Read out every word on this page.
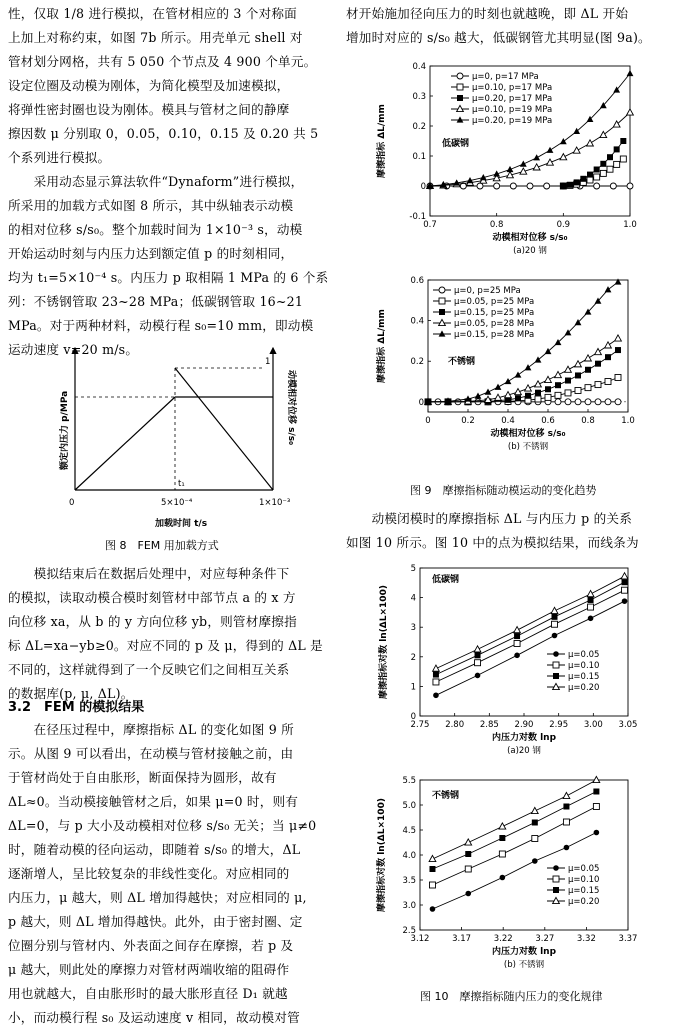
性，仅取 1/8 进行模拟，在管材相应的 3 个对称面
上加上对称约束，如图 7b 所示。用壳单元 shell 对
管材划分网格，共有 5 050 个节点及 4 900 个单元。
设定位圈及动模为刚体，为简化模型及加速模拟，
将弹性密封圈也设为刚体。模具与管材之间的静摩
擦因数 μ 分别取 0，0.05，0.10，0.15 及 0.20 共 5
个系列进行模拟。
　　采用动态显示算法软件“Dynaform”进行模拟，
所采用的加载方式如图 8 所示，其中纵轴表示动模
的相对位移 s/s₀。整个加载时间为 1×10⁻³ s，动模
开始运动时刻与内压力达到额定值 p 的时刻相同，
均为 t₁=5×10⁻⁴ s。内压力 p 取相隔 1 MPa 的 6 个系
列：不锈钢管取 23~28 MPa；低碳钢管取 16~21
MPa。对于两种材料，动模行程 s₀=10 mm，即动模
运动速度 v=20 m/s。
0	5×10⁻⁴	1×10⁻³
t₁
1
加载时间 t/s
额定内压力 p/MPa	动模相对位移 s/s₀
图 8　FEM 用加载方式
　　模拟结束后在数据后处理中，对应每种条件下
的模拟，读取动模合模时刻管材中部节点 a 的 x 方
向位移 xa，从 b 的 y 方向位移 yb，则管材摩擦指
标 ΔL=xa−yb≥0。对应不同的 p 及 μ，得到的 ΔL 是
不同的，这样就得到了一个反映它们之间相互关系
的数据库(p, μ, ΔL)。
3.2　FEM 的模拟结果
　　在径压过程中，摩擦指标 ΔL 的变化如图 9 所
示。从图 9 可以看出，在动模与管材接触之前，由
于管材尚处于自由胀形，断面保持为圆形，故有
ΔL≈0。当动模接触管材之后，如果 μ=0 时，则有
ΔL=0，与 p 大小及动模相对位移 s/s₀ 无关；当 μ≠0
时，随着动模的径向运动，即随着 s/s₀ 的增大，ΔL
逐渐增人，呈比较复杂的非线性变化。对应相同的
内压力，μ 越大，则 ΔL 增加得越快；对应相同的 μ,
p 越大，则 ΔL 增加得越快。此外，由于密封圈、定
位圈分别与管材内、外表面之间存在摩擦，若 p 及
μ 越大，则此处的摩擦力对管材两端收缩的阻碍作
用也就越大，自由胀形时的最大胀形直径 D₁ 就越
小，而动模行程 s₀ 及运动速度 v 相同，故动模对管
材开始施加径向压力的时刻也就越晚，即 ΔL 开始
增加时对应的 s/s₀ 越大，低碳钢管尤其明显(图 9a)。
0.7	0.8	0.9	1.0
-0.1
0
0.1
0.2
0.3
0.4
动模相对位移 s/s₀
摩擦指标 ΔL/mm
(a)20 钢
低碳钢
μ=0, p=17 MPa
μ=0.10, p=17 MPa
μ=0.20, p=17 MPa
μ=0.10, p=19 MPa
μ=0.20, p=19 MPa
0	0.2	0.4	0.6	0.8	1.0
0
0.2
0.4
0.6
动模相对位移 s/s₀
摩擦指标 ΔL/mm
(b) 不锈钢
不锈钢
μ=0, p=25 MPa
μ=0.05, p=25 MPa
μ=0.15, p=25 MPa
μ=0.05, p=28 MPa
μ=0.15, p=28 MPa
图 9　摩擦指标随动模运动的变化趋势
　　动模闭模时的摩擦指标 ΔL 与内压力 p 的关系
如图 10 所示。图 10 中的点为模拟结果，而线条为
2.75 2.80 2.85 2.90 2.95 3.00 3.05
0
1
2
3
4
5
内压力对数 lnp
摩擦指标对数 ln(ΔL×100)
(a)20 钢
低碳钢
μ=0.05
μ=0.10
μ=0.15
μ=0.20
3.12	3.17	3.22	3.27	3.32	3.37
2.5
3.0
3.5
4.0
4.5
5.0
5.5
内压力对数 lnp
摩擦指标对数 ln(ΔL×100)
(b) 不锈钢
不锈钢
μ=0.05
μ=0.10
μ=0.15
μ=0.20
图 10　摩擦指标随内压力的变化规律
